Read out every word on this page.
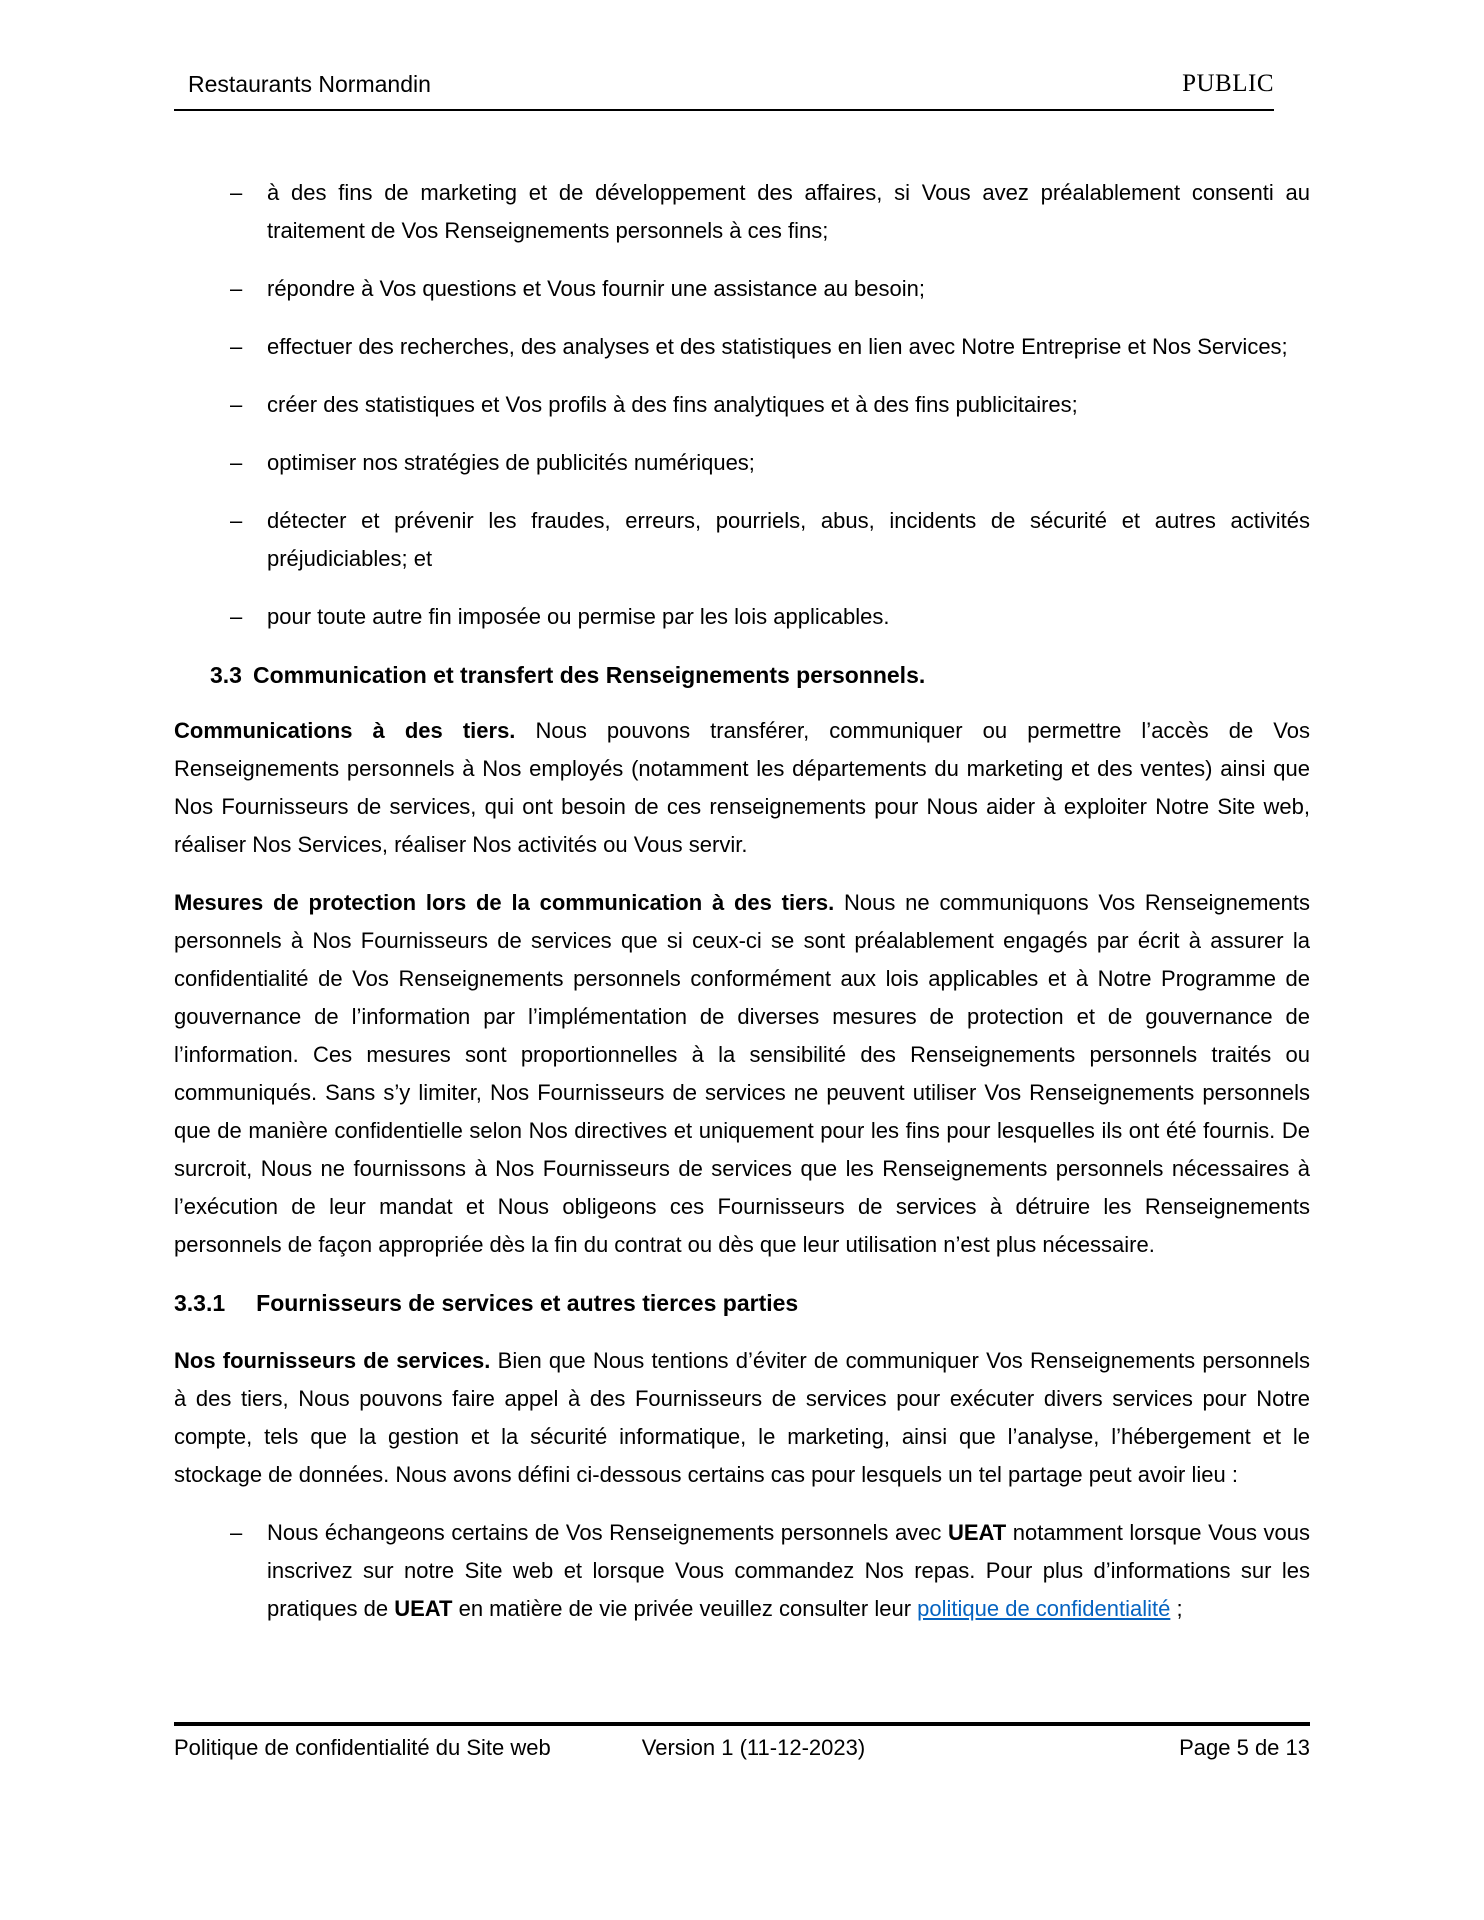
Restaurants Normandin	PUBLIC
– à des fins de marketing et de développement des affaires, si Vous avez préalablement consenti au traitement de Vos Renseignements personnels à ces fins;

– répondre à Vos questions et Vous fournir une assistance au besoin;

– effectuer des recherches, des analyses et des statistiques en lien avec Notre Entreprise et Nos Services;

– créer des statistiques et Vos profils à des fins analytiques et à des fins publicitaires;

– optimiser nos stratégies de publicités numériques;

– détecter et prévenir les fraudes, erreurs, pourriels, abus, incidents de sécurité et autres activités préjudiciables; et

– pour toute autre fin imposée ou permise par les lois applicables.

3.3 Communication et transfert des Renseignements personnels.

Communications à des tiers. Nous pouvons transférer, communiquer ou permettre l’accès de Vos Renseignements personnels à Nos employés (notamment les départements du marketing et des ventes) ainsi que Nos Fournisseurs de services, qui ont besoin de ces renseignements pour Nous aider à exploiter Notre Site web, réaliser Nos Services, réaliser Nos activités ou Vous servir.

Mesures de protection lors de la communication à des tiers. Nous ne communiquons Vos Renseignements personnels à Nos Fournisseurs de services que si ceux-ci se sont préalablement engagés par écrit à assurer la confidentialité de Vos Renseignements personnels conformément aux lois applicables et à Notre Programme de gouvernance de l’information par l’implémentation de diverses mesures de protection et de gouvernance de l’information. Ces mesures sont proportionnelles à la sensibilité des Renseignements personnels traités ou communiqués. Sans s’y limiter, Nos Fournisseurs de services ne peuvent utiliser Vos Renseignements personnels que de manière confidentielle selon Nos directives et uniquement pour les fins pour lesquelles ils ont été fournis. De surcroit, Nous ne fournissons à Nos Fournisseurs de services que les Renseignements personnels nécessaires à l’exécution de leur mandat et Nous obligeons ces Fournisseurs de services à détruire les Renseignements personnels de façon appropriée dès la fin du contrat ou dès que leur utilisation n’est plus nécessaire.

3.3.1 Fournisseurs de services et autres tierces parties

Nos fournisseurs de services. Bien que Nous tentions d’éviter de communiquer Vos Renseignements personnels à des tiers, Nous pouvons faire appel à des Fournisseurs de services pour exécuter divers services pour Notre compte, tels que la gestion et la sécurité informatique, le marketing, ainsi que l’analyse, l’hébergement et le stockage de données. Nous avons défini ci-dessous certains cas pour lesquels un tel partage peut avoir lieu :

– Nous échangeons certains de Vos Renseignements personnels avec UEAT notamment lorsque Vous vous inscrivez sur notre Site web et lorsque Vous commandez Nos repas. Pour plus d’informations sur les pratiques de UEAT en matière de vie privée veuillez consulter leur politique de confidentialité ;

Politique de confidentialité du Site web	Version 1 (11-12-2023)	Page 5 de 13
